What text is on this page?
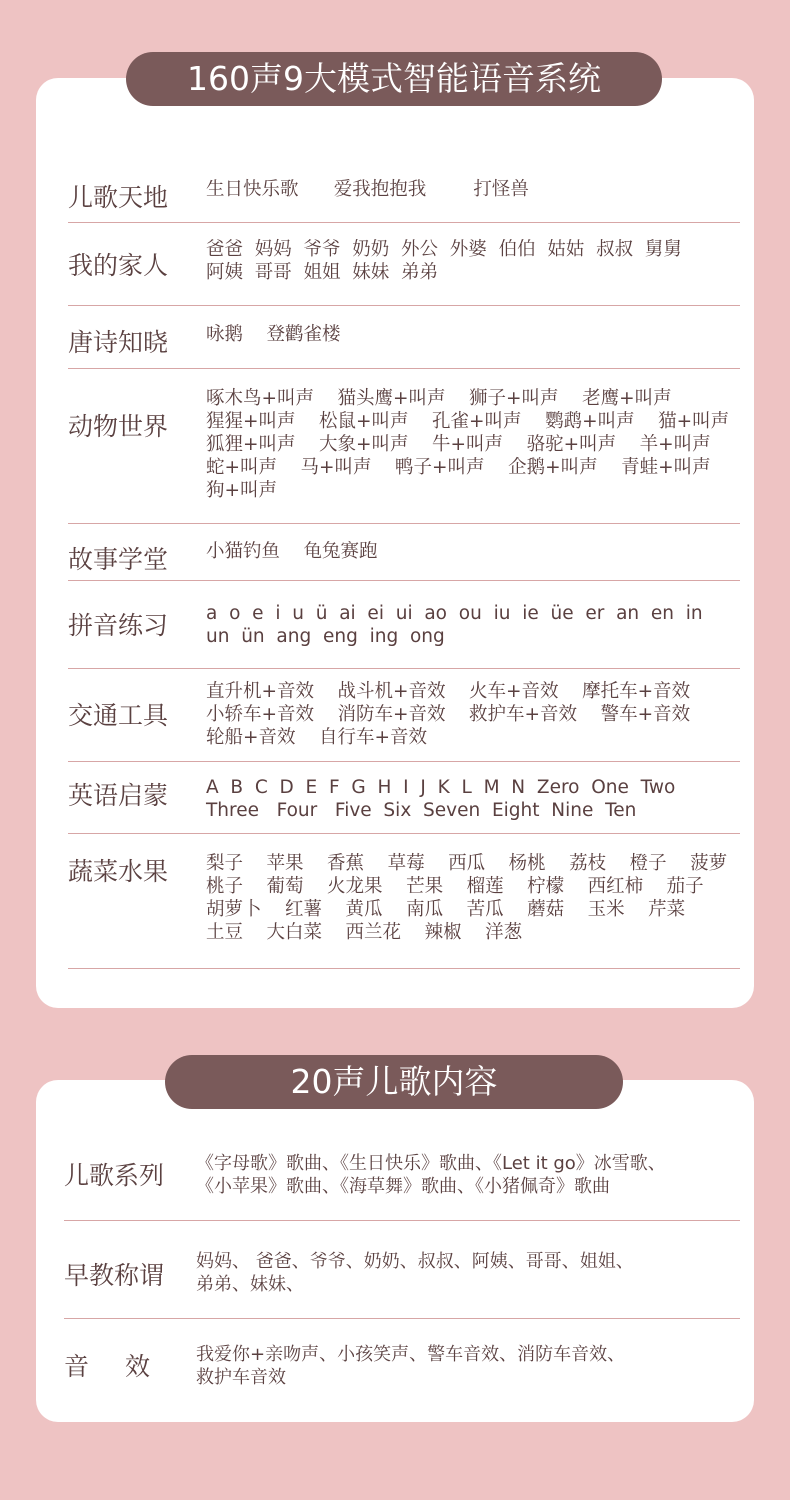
160声9大模式智能语音系统
儿歌天地 生日快乐歌      爱我抱抱我        打怪兽
我的家人
爸爸  妈妈  爷爷  奶奶  外公  外婆  伯伯  姑姑  叔叔  舅舅
阿姨  哥哥  姐姐  妹妹  弟弟
唐诗知晓 咏鹅    登鹳雀楼
动物世界
啄木鸟+叫声    猫头鹰+叫声    狮子+叫声    老鹰+叫声
猩猩+叫声    松鼠+叫声    孔雀+叫声    鹦鹉+叫声    猫+叫声
狐狸+叫声    大象+叫声    牛+叫声    骆驼+叫声    羊+叫声
蛇+叫声    马+叫声    鸭子+叫声    企鹅+叫声    青蛙+叫声
狗+叫声
故事学堂 小猫钓鱼    龟兔赛跑
拼音练习 a  o  e  i  u  ü  ai  ei  ui  ao  ou  iu  ie  üe  er  an  en  in
un  ün  ang  eng  ing  ong
交通工具
直升机+音效    战斗机+音效    火车+音效    摩托车+音效
小轿车+音效    消防车+音效    救护车+音效    警车+音效
轮船+音效    自行车+音效
英语启蒙 A  B  C  D  E  F  G  H  I  J  K  L  M  N  Zero  One  Two
Three   Four   Five  Six  Seven  Eight  Nine  Ten
蔬菜水果 梨子    苹果    香蕉    草莓    西瓜    杨桃    荔枝    橙子    菠萝
桃子    葡萄    火龙果    芒果    榴莲    柠檬    西红柿    茄子
胡萝卜    红薯    黄瓜    南瓜    苦瓜    蘑菇    玉米    芹菜
土豆    大白菜    西兰花    辣椒    洋葱
20声儿歌内容
儿歌系列 《字母歌》歌曲、《生日快乐》歌曲、《Let it go》冰雪歌、
《小苹果》歌曲、《海草舞》歌曲、《小猪佩奇》歌曲
早教称谓 妈妈、 爸爸、爷爷、奶奶、叔叔、阿姨、哥哥、姐姐、
弟弟、妹妹、
音效 我爱你+亲吻声、小孩笑声、警车音效、消防车音效、
救护车音效
